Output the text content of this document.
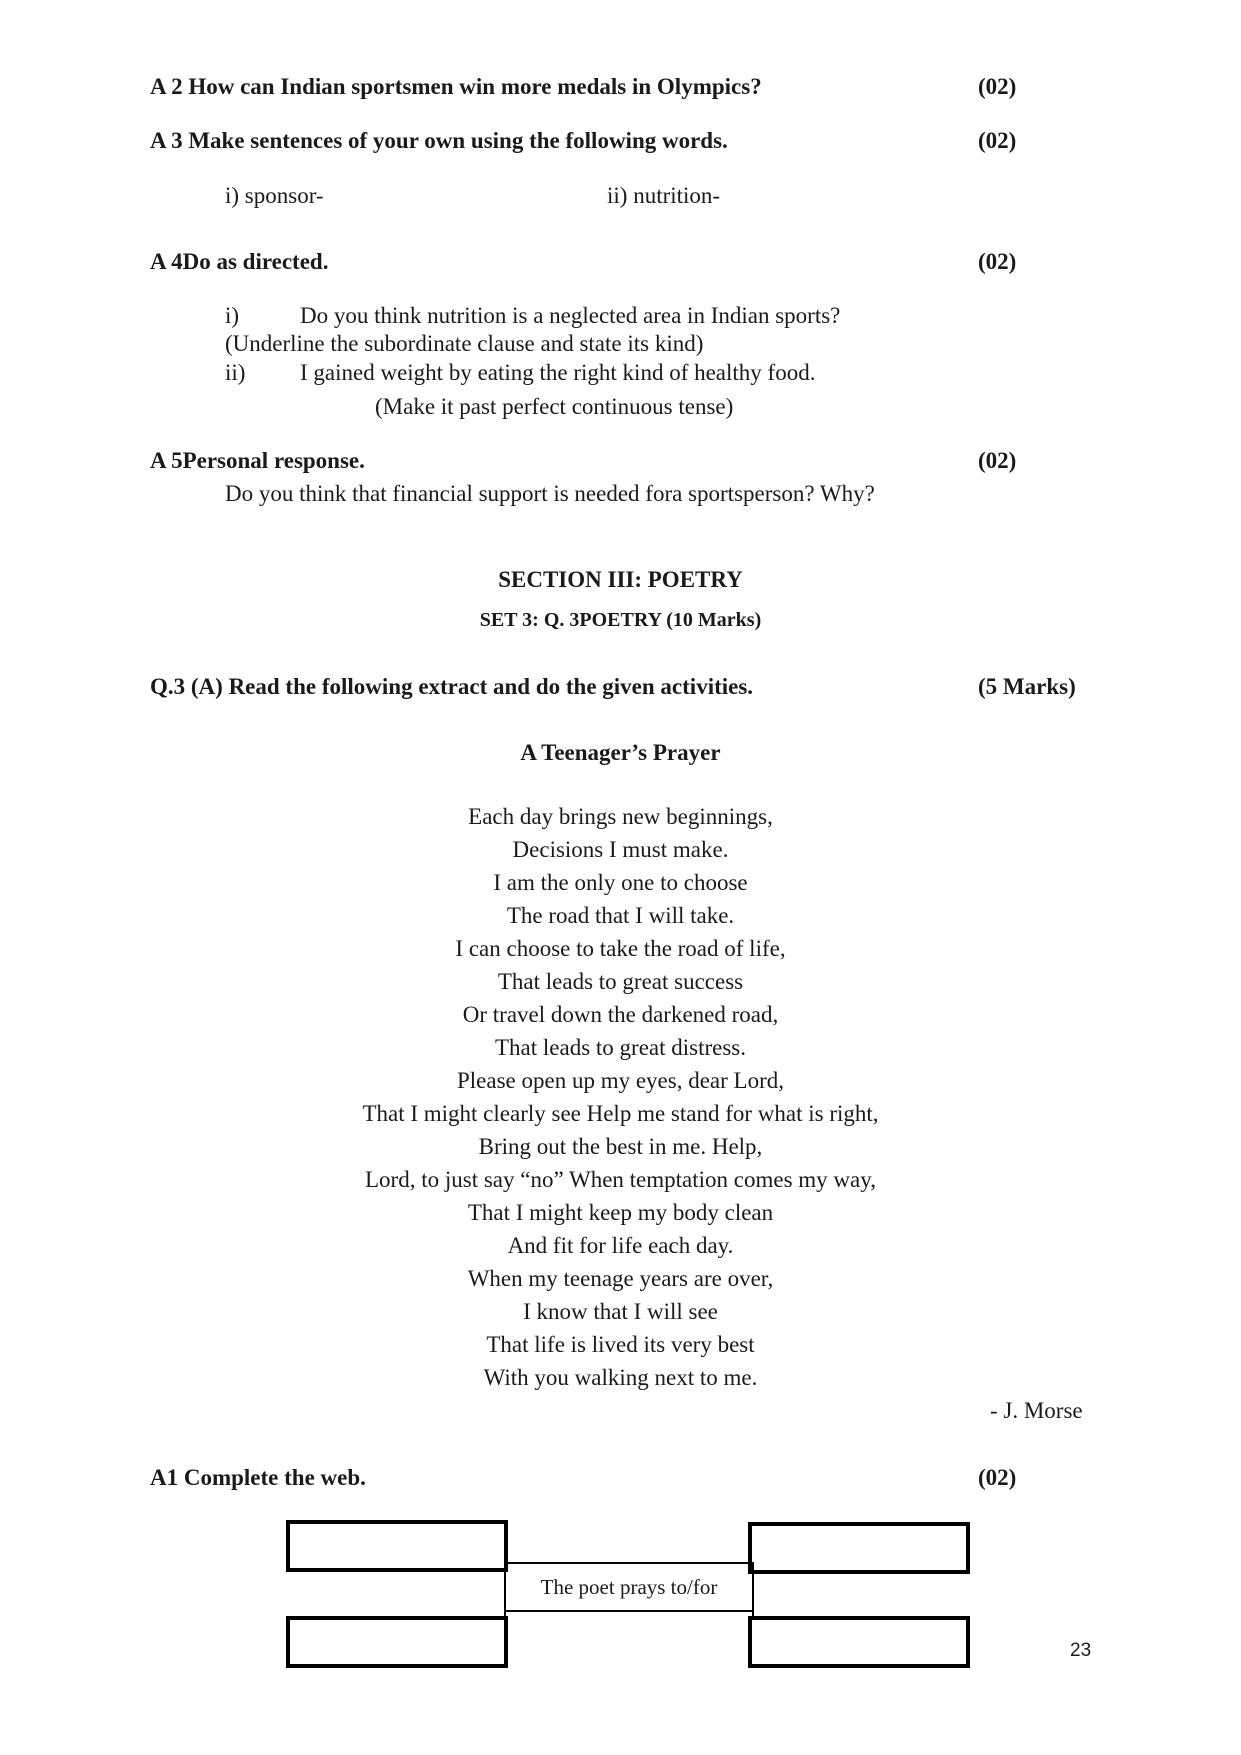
A 2 How can Indian sportsmen win more medals in Olympics?	(02)
A 3 Make sentences of your own using the following words.	(02)
i) sponsor-	ii) nutrition-
A 4Do as directed.	(02)
i)	Do you think nutrition is a neglected area in Indian sports?
(Underline the subordinate clause and state its kind)
ii) I gained weight by eating the right kind of healthy food.
(Make it past perfect continuous tense)
A 5Personal response.	(02)
Do you think that financial support is needed fora sportsperson? Why?
SECTION III: POETRY
SET 3: Q. 3POETRY (10 Marks)
Q.3 (A) Read the following extract and do the given activities.	(5 Marks)
A Teenager’s Prayer
Each day brings new beginnings,
Decisions I must make.
I am the only one to choose
The road that I will take.
I can choose to take the road of life,
That leads to great success
Or travel down the darkened road,
That leads to great distress.
Please open up my eyes, dear Lord,
That I might clearly see Help me stand for what is right,
Bring out the best in me. Help,
Lord, to just say “no” When temptation comes my way,
That I might keep my body clean
And fit for life each day.
When my teenage years are over,
I know that I will see
That life is lived its very best
With you walking next to me.
- J. Morse
A1 Complete the web.	(02)
The poet prays to/for
23
